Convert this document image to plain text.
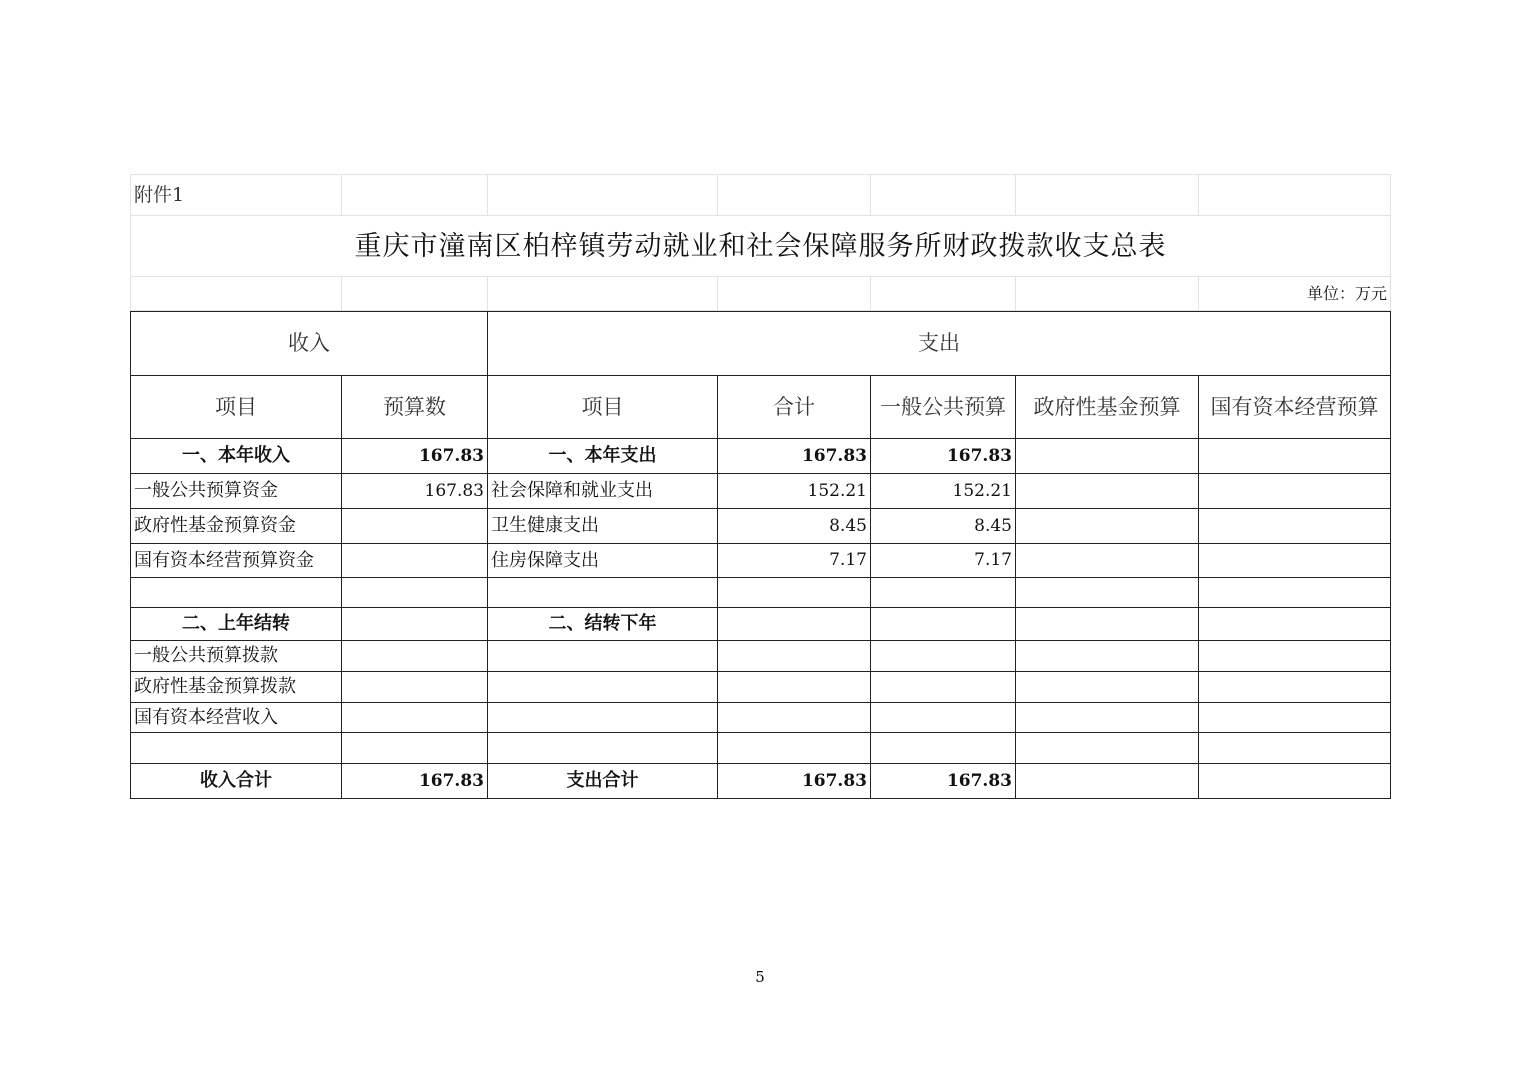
附件1						
重庆市潼南区柏梓镇劳动就业和社会保障服务所财政拨款收支总表						
						单位：万元
收入		支出				
项目	预算数	项目	合计	一般公共预算	政府性基金预算	国有资本经营预算
一、本年收入	167.83	一、本年支出	167.83	167.83		
一般公共预算资金	167.83	社会保障和就业支出	152.21	152.21		
政府性基金预算资金		卫生健康支出	8.45	8.45		
国有资本经营预算资金		住房保障支出	7.17	7.17		

二、上年结转		二、结转下年				
一般公共预算拨款						
政府性基金预算拨款						
国有资本经营收入						

收入合计	167.83	支出合计	167.83	167.83		
5
